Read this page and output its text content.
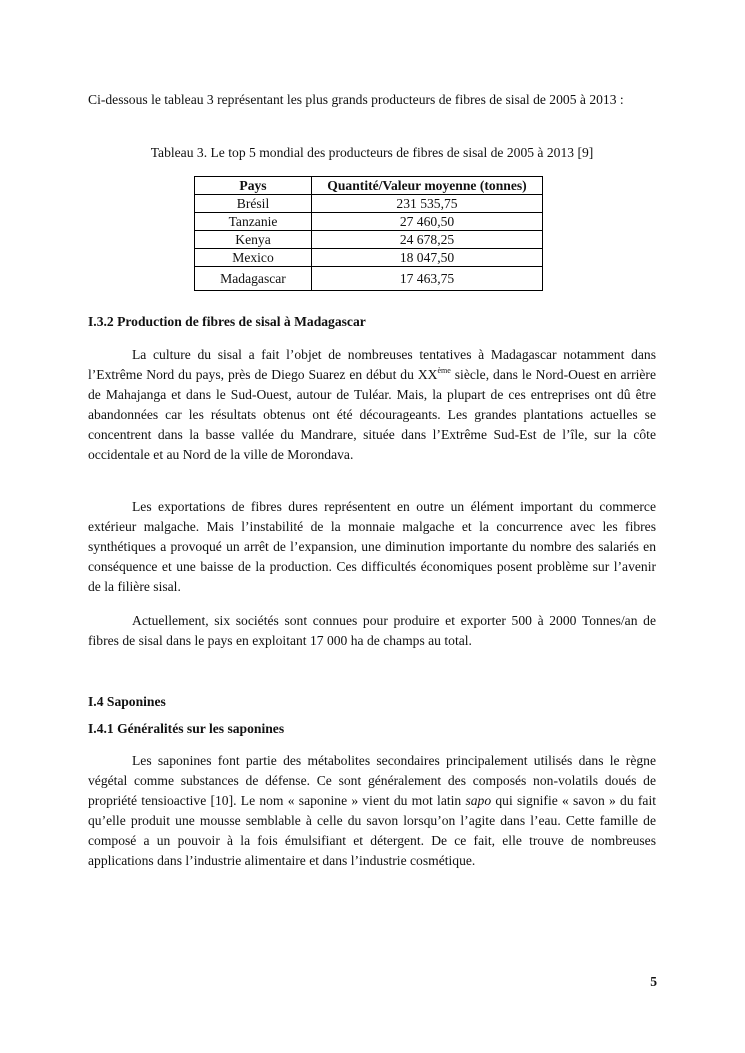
Ci-dessous le tableau 3 représentant les plus grands producteurs de fibres de sisal de 2005 à 2013 :

Tableau 3. Le top 5 mondial des producteurs de fibres de sisal de 2005 à 2013 [9]

Pays	Quantité/Valeur moyenne (tonnes)
Brésil	231 535,75
Tanzanie	27 460,50
Kenya	24 678,25
Mexico	18 047,50
Madagascar	17 463,75

I.3.2 Production de fibres de sisal à Madagascar

La culture du sisal a fait l’objet de nombreuses tentatives à Madagascar notamment dans l’Extrême Nord du pays, près de Diego Suarez en début du XXème siècle, dans le Nord-Ouest en arrière de Mahajanga et dans le Sud-Ouest, autour de Tuléar. Mais, la plupart de ces entreprises ont dû être abandonnées car les résultats obtenus ont été décourageants. Les grandes plantations actuelles se concentrent dans la basse vallée du Mandrare, située dans l’Extrême Sud-Est de l’île, sur la côte occidentale et au Nord de la ville de Morondava.

Les exportations de fibres dures représentent en outre un élément important du commerce extérieur malgache. Mais l’instabilité de la monnaie malgache et la concurrence avec les fibres synthétiques a provoqué un arrêt de l’expansion, une diminution importante du nombre des salariés en conséquence et une baisse de la production. Ces difficultés économiques posent problème sur l’avenir de la filière sisal.

Actuellement, six sociétés sont connues pour produire et exporter 500 à 2000 Tonnes/an de fibres de sisal dans le pays en exploitant 17 000 ha de champs au total.

I.4 Saponines

I.4.1 Généralités sur les saponines

Les saponines font partie des métabolites secondaires principalement utilisés dans le règne végétal comme substances de défense. Ce sont généralement des composés non-volatils doués de propriété tensioactive [10]. Le nom « saponine » vient du mot latin sapo qui signifie « savon » du fait qu’elle produit une mousse semblable à celle du savon lorsqu’on l’agite dans l’eau. Cette famille de composé a un pouvoir à la fois émulsifiant et détergent. De ce fait, elle trouve de nombreuses applications dans l’industrie alimentaire et dans l’industrie cosmétique.

5
